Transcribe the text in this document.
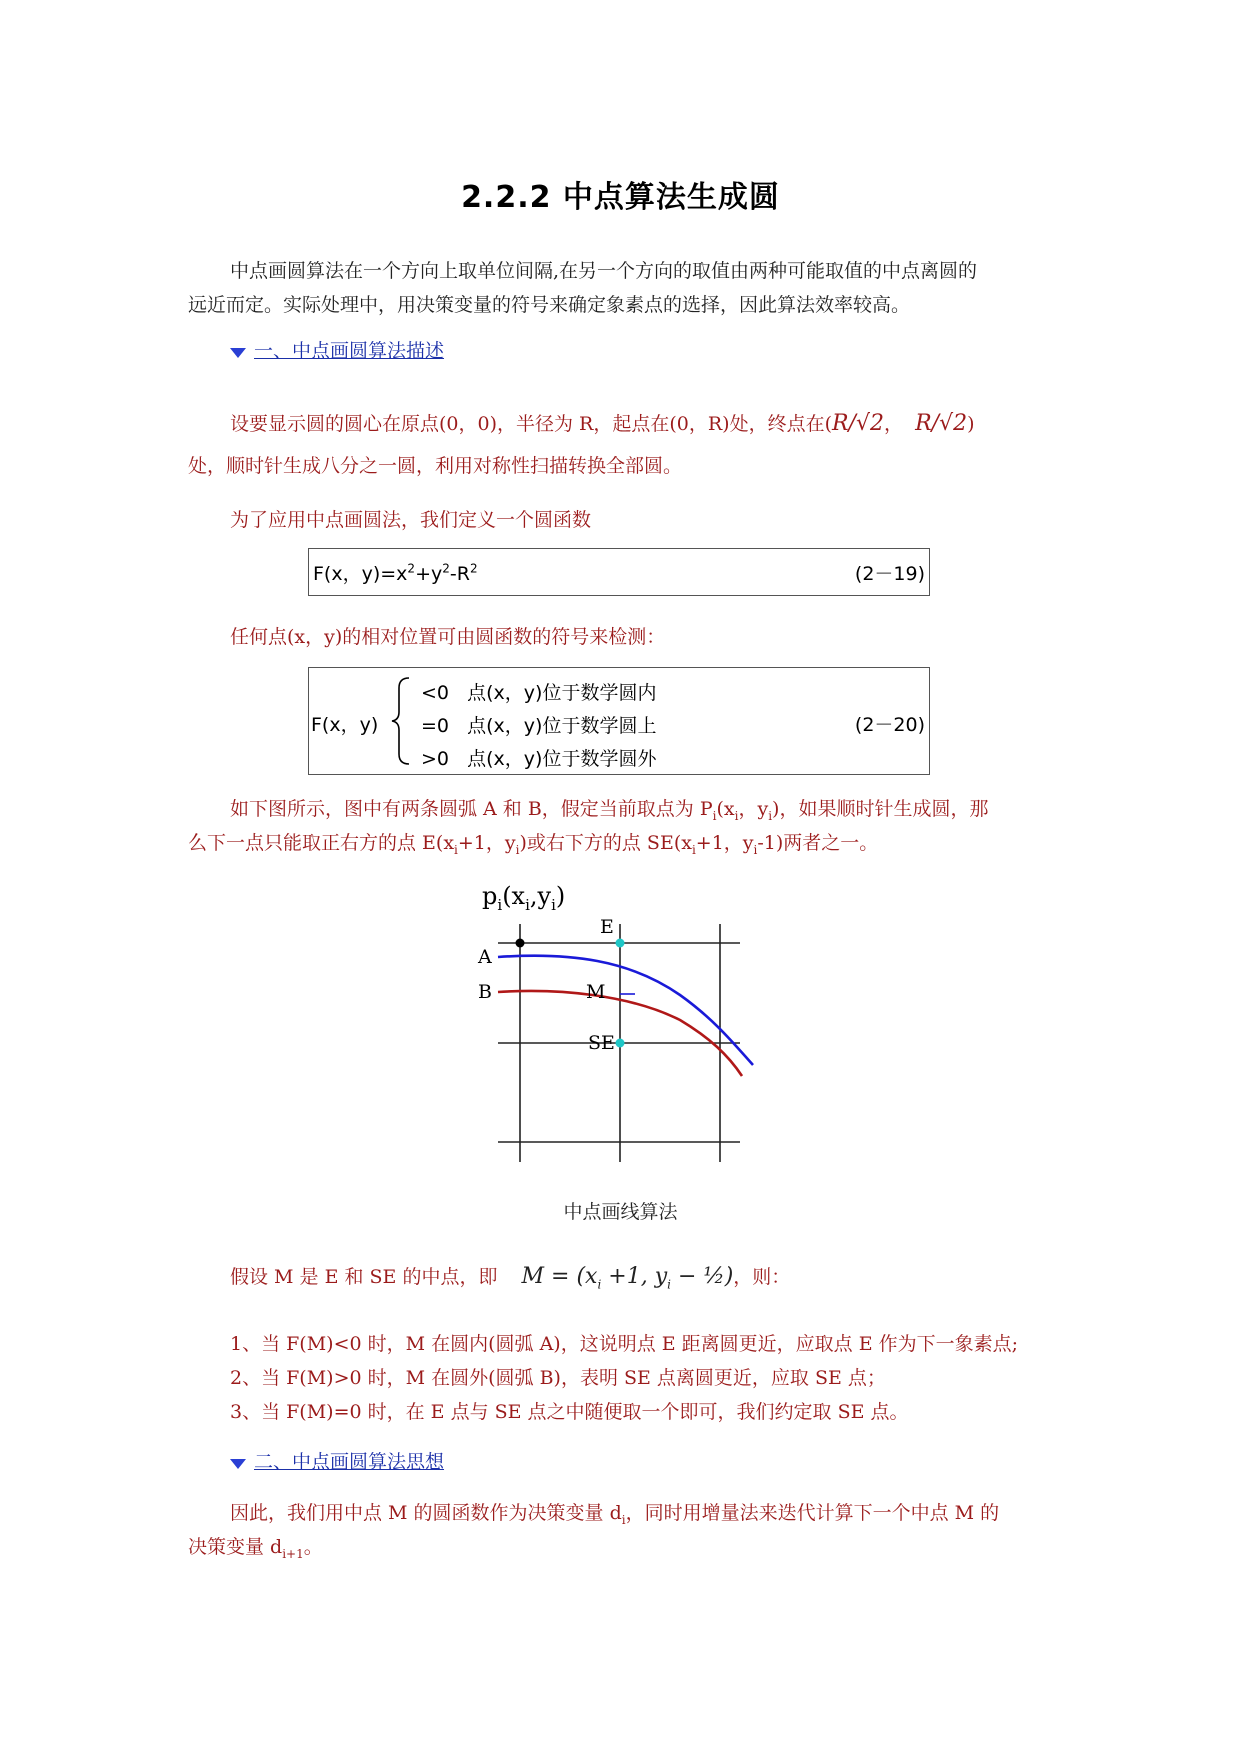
2.2.2 中点算法生成圆
中点画圆算法在一个方向上取单位间隔,在另一个方向的取值由两种可能取值的中点离圆的
远近而定。实际处理中，用决策变量的符号来确定象素点的选择，因此算法效率较高。
一、中点画圆算法描述
设要显示圆的圆心在原点(0，0)，半径为 R，起点在(0，R)处，终点在(R/√2， R/√2)
处，顺时针生成八分之一圆，利用对称性扫描转换全部圆。
为了应用中点画圆法，我们定义一个圆函数
F(x，$y)=x^2+y^2-R^2$	(2－19)
任何点(x，y)的相对位置可由圆函数的符号来检测：
F(x，y)
<0 点(x，y)位于数学圆内
=0 点(x，y)位于数学圆上
>0 点(x，y)位于数学圆外
(2－20)
如下图所示，图中有两条圆弧 A 和 B，假定当前取点为 $P_i(x_i$，$y_i$)，如果顺时针生成圆，那
么下一点只能取正右方的点 $E(x_i+1$，$y_i$)或右下方的点 $SE(x_i+1$，$y_i-1$)两者之一。
$p_i(x_i,y_i)$
E
A
M
B
SE
中点画线算法
假设 M 是 E 和 SE 的中点，即 $M = (x_i +1$, $y_i$ − ½)，则：
1、当 F(M)<0 时，M 在圆内(圆弧 A)，这说明点 E 距离圆更近，应取点 E 作为下一象素点;
2、当 F(M)>0 时，M 在圆外(圆弧 B)，表明 SE 点离圆更近，应取 SE 点；
3、当 F(M)=0 时，在 E 点与 SE 点之中随便取一个即可，我们约定取 SE 点。
二、中点画圆算法思想
因此，我们用中点 M 的圆函数作为决策变量 $d_i$，同时用增量法来迭代计算下一个中点 M 的
决策变量 $d_{i+1}$。
